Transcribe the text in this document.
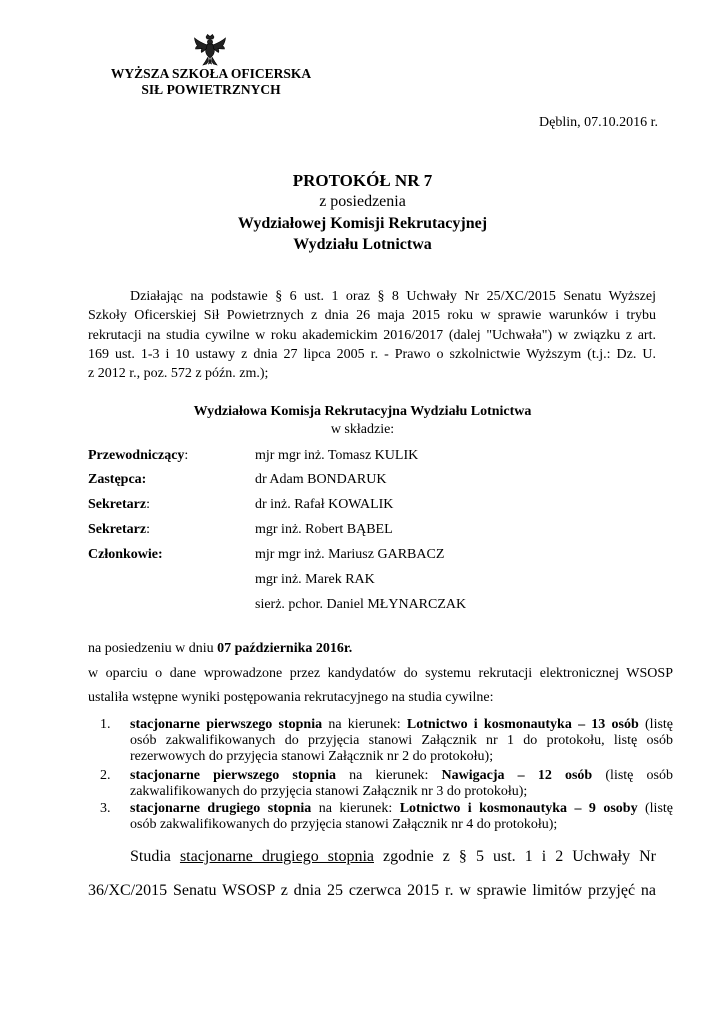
WYŻSZA SZKOŁA OFICERSKA
SIŁ POWIETRZNYCH
Dęblin, 07.10.2016 r.
PROTOKÓŁ NR 7
z posiedzenia
Wydziałowej Komisji Rekrutacyjnej
Wydziału Lotnictwa
Działając na podstawie § 6 ust. 1 oraz § 8 Uchwały Nr 25/XC/2015 Senatu Wyższej
Szkoły Oficerskiej Sił Powietrznych z dnia 26 maja 2015 roku w sprawie warunków i trybu
rekrutacji na studia cywilne w roku akademickim 2016/2017 (dalej "Uchwała") w związku z art.
169 ust. 1-3 i 10 ustawy z dnia 27 lipca 2005 r. - Prawo o szkolnictwie Wyższym (t.j.: Dz. U.
z 2012 r., poz. 572 z późn. zm.);
Wydziałowa Komisja Rekrutacyjna Wydziału Lotnictwa
w składzie:
Przewodniczący:	mjr mgr inż. Tomasz KULIK
Zastępca:	dr Adam BONDARUK
Sekretarz:	dr inż. Rafał KOWALIK
Sekretarz:	mgr inż. Robert BĄBEL
Członkowie:	mjr mgr inż. Mariusz GARBACZ
mgr inż. Marek RAK
sierż. pchor. Daniel MŁYNARCZAK
na posiedzeniu w dniu 07 października 2016r.
w oparciu o dane wprowadzone przez kandydatów do systemu rekrutacji elektronicznej WSOSP
ustaliła wstępne wyniki postępowania rekrutacyjnego na studia cywilne:
1. stacjonarne pierwszego stopnia na kierunek: Lotnictwo i kosmonautyka – 13 osób (listę
osób zakwalifikowanych do przyjęcia stanowi Załącznik nr 1 do protokołu, listę osób
rezerwowych do przyjęcia stanowi Załącznik nr 2 do protokołu);
2. stacjonarne pierwszego stopnia na kierunek: Nawigacja – 12 osób (listę osób
zakwalifikowanych do przyjęcia stanowi Załącznik nr 3 do protokołu);
3. stacjonarne drugiego stopnia na kierunek: Lotnictwo i kosmonautyka – 9 osoby (listę
osób zakwalifikowanych do przyjęcia stanowi Załącznik nr 4 do protokołu);
Studia stacjonarne drugiego stopnia zgodnie z § 5 ust. 1 i 2 Uchwały Nr
36/XC/2015 Senatu WSOSP z dnia 25 czerwca 2015 r. w sprawie limitów przyjęć na
